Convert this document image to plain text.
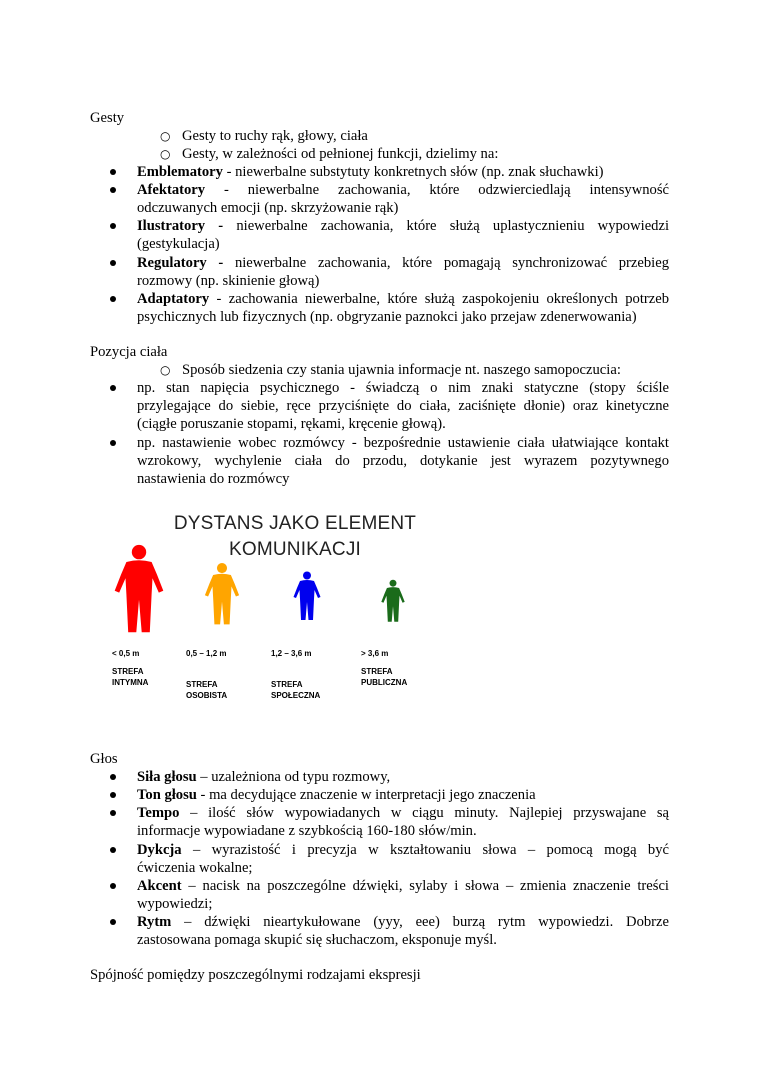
Gesty
○ Gesty to ruchy rąk, głowy, ciała
○ Gesty, w zależności od pełnionej funkcji, dzielimy na:
Emblematory - niewerbalne substytuty konkretnych słów (np. znak słuchawki)
Afektatory - niewerbalne zachowania, które odzwierciedlają intensywność
odczuwanych emocji (np. skrzyżowanie rąk)
Ilustratory - niewerbalne zachowania, które służą uplastycznieniu wypowiedzi
(gestykulacja)
Regulatory - niewerbalne zachowania, które pomagają synchronizować przebieg
rozmowy (np. skinienie głową)
Adaptatory - zachowania niewerbalne, które służą zaspokojeniu określonych potrzeb
psychicznych lub fizycznych (np. obgryzanie paznokci jako przejaw zdenerwowania)
Pozycja ciała
○ Sposób siedzenia czy stania ujawnia informacje nt. naszego samopoczucia:
np. stan napięcia psychicznego - świadczą o nim znaki statyczne (stopy ściśle
przylegające do siebie, ręce przyciśnięte do ciała, zaciśnięte dłonie) oraz kinetyczne
(ciągłe poruszanie stopami, rękami, kręcenie głową).
np. nastawienie wobec rozmówcy - bezpośrednie ustawienie ciała ułatwiające kontakt
wzrokowy, wychylenie ciała do przodu, dotykanie jest wyrazem pozytywnego
nastawienia do rozmówcy
DYSTANS JAKO ELEMENT
KOMUNIKACJI
< 0,5 m	0,5 – 1,2 m	1,2 – 3,6 m	> 3,6 m
STREFA
INTYMNA	STREFA
OSOBISTA
STREFA
SPOŁECZNA
STREFA
PUBLICZNA
Głos
Siła głosu – uzależniona od typu rozmowy,
Ton głosu - ma decydujące znaczenie w interpretacji jego znaczenia
Tempo – ilość słów wypowiadanych w ciągu minuty. Najlepiej przyswajane są
informacje wypowiadane z szybkością 160-180 słów/min.
Dykcja – wyrazistość i precyzja w kształtowaniu słowa – pomocą mogą być
ćwiczenia wokalne;
Akcent – nacisk na poszczególne dźwięki, sylaby i słowa – zmienia znaczenie treści
wypowiedzi;
Rytm – dźwięki nieartykułowane (yyy, eee) burzą rytm wypowiedzi. Dobrze
zastosowana pomaga skupić się słuchaczom, eksponuje myśl.
Spójność pomiędzy poszczególnymi rodzajami ekspresji
